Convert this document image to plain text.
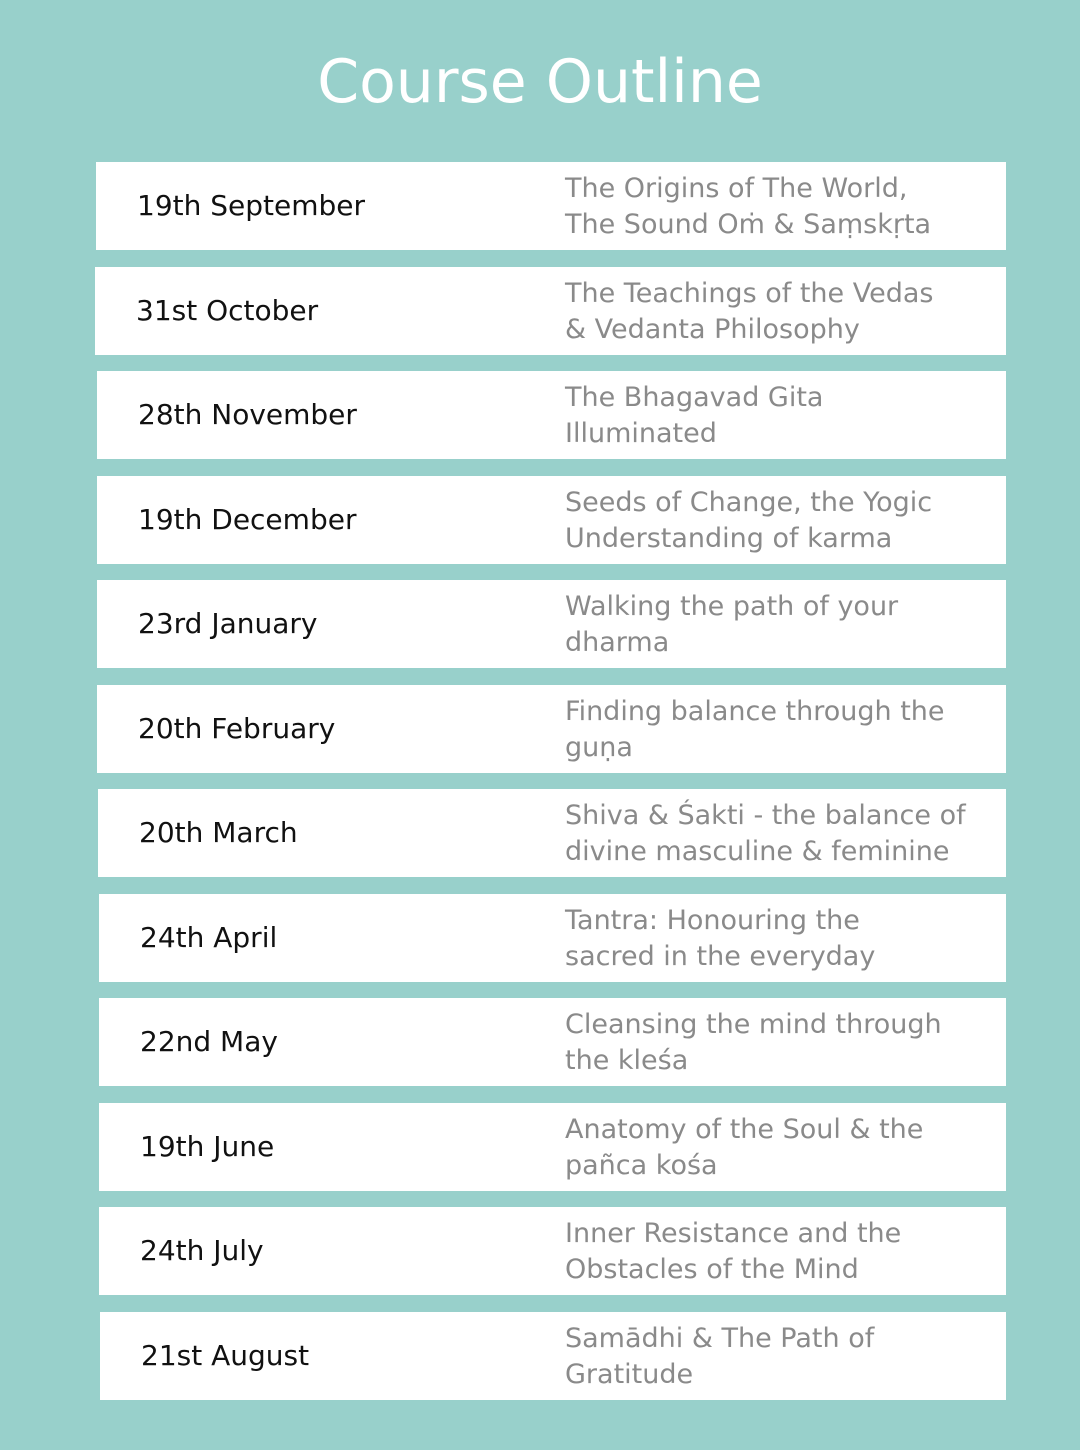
Course Outline
19th September
The Origins of The World,
The Sound Oṁ & Saṃskṛta
31st October
The Teachings of the Vedas
& Vedanta Philosophy
28th November
The Bhagavad Gita
Illuminated
19th December
Seeds of Change, the Yogic
Understanding of karma
23rd January
Walking the path of your
dharma
20th February
Finding balance through the
guṇa
20th March
Shiva & Śakti - the balance of
divine masculine & feminine
24th April
Tantra: Honouring the
sacred in the everyday
22nd May
Cleansing the mind through
the kleśa
19th June
Anatomy of the Soul & the
pañca kośa
24th July
Inner Resistance and the
Obstacles of the Mind
21st August
Samādhi & The Path of
Gratitude
